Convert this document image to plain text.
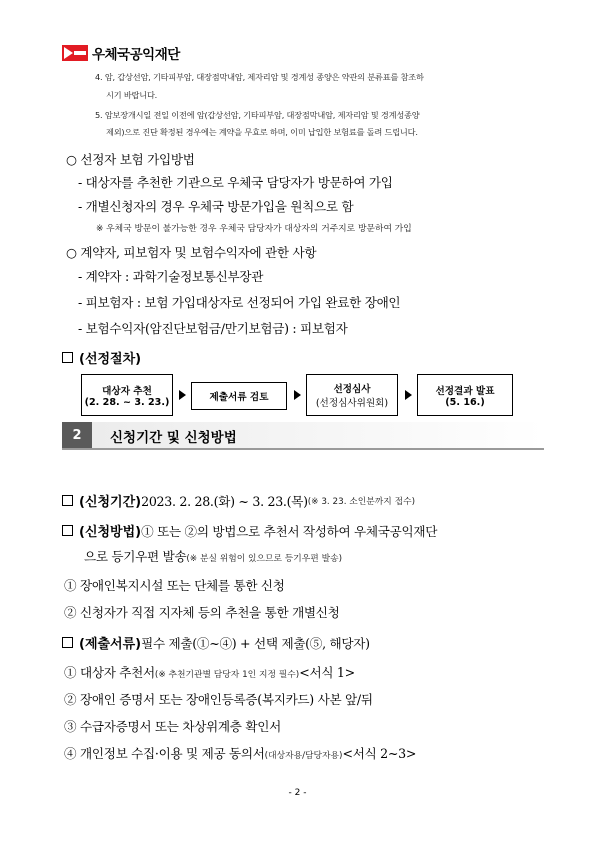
우체국공익재단
4. 암, 갑상선암, 기타피부암, 대장점막내암, 제자리암 및 경계성 종양은 약관의 분류표를 참조하
시기 바랍니다.
5. 암보장개시일 전일 이전에 암(갑상선암, 기타피부암, 대장점막내암, 제자리암 및 경계성종양
제외)으로 진단 확정된 경우에는 계약을 무효로 하며, 이미 납입한 보험료를 돌려 드립니다.
○ 선정자 보험 가입방법
- 대상자를 추천한 기관으로 우체국 담당자가 방문하여 가입
- 개별신청자의 경우 우체국 방문가입을 원칙으로 함
※ 우체국 방문이 불가능한 경우 우체국 담당자가 대상자의 거주지로 방문하여 가입
○ 계약자, 피보험자 및 보험수익자에 관한 사항
- 계약자 : 과학기술정보통신부장관
- 피보험자 : 보험 가입대상자로 선정되어 가입 완료한 장애인
- 보험수익자(암진단보험금/만기보험금) : 피보험자
(선정절차)
대상자 추천
(2. 28. ~ 3. 23.)	제출서류 검토
선정심사
(선정심사위원회)
선정결과 발표
(5. 16.)
2	신청기간 및 신청방법
(신청기간) 2023. 2. 28.(화) ~ 3. 23.(목) (※ 3. 23. 소인분까지 접수)
(신청방법) ① 또는 ②의 방법으로 추천서 작성하여 우체국공익재단
으로 등기우편 발송(※ 분실 위험이 있으므로 등기우편 발송)
① 장애인복지시설 또는 단체를 통한 신청
② 신청자가 직접 지자체 등의 추천을 통한 개별신청
(제출서류) 필수 제출(①~④) + 선택 제출(⑤, 해당자)
① 대상자 추천서(※ 추천기관별 담당자 1인 지정 필수)<서식 1>
② 장애인 증명서 또는 장애인등록증(복지카드) 사본 앞/뒤
③ 수급자증명서 또는 차상위계층 확인서
④ 개인정보 수집·이용 및 제공 동의서(대상자용/담당자용)<서식 2~3>
- 2 -
